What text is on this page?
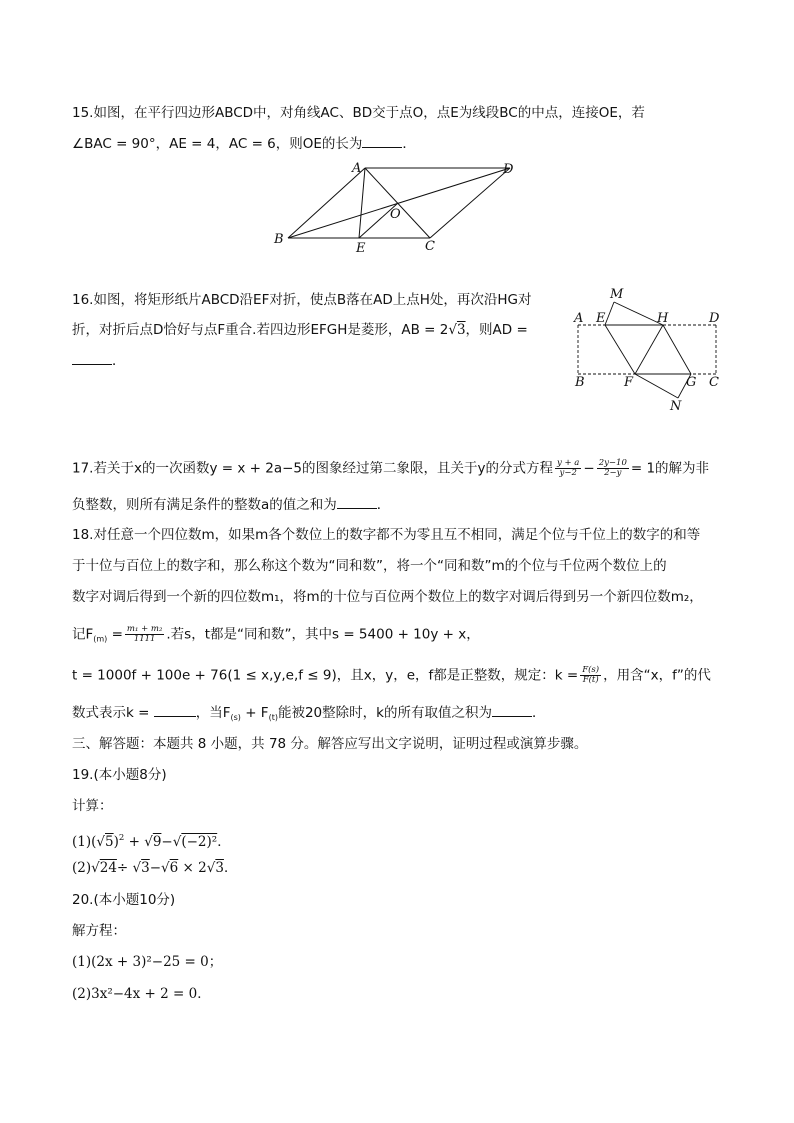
15.如图，在平行四边形ABCD中，对角线AC、BD交于点O，点E为线段BC的中点，连接OE，若
∠BAC = 90°，AE = 4，AC = 6，则OE的长为	．
A
B
E	C
D
O
16.如图，将矩形纸片ABCD沿EF对折，使点B落在AD上点H处，再次沿HG对
折，对折后点D恰好与点F重合.若四边形EFGH是菱形，AB = 2√3，则AD =
．
M
A E	H	D
B	F	G C
N
17.若关于x的一次函数y = x + 2a−5的图象经过第二象限，且关于y的分式方程 $\frac{y + a}{y-2} - \frac{2y-10}{2-y} = 1$的解为非
负整数，则所有满足条件的整数a的值之和为	．
18.对任意一个四位数m，如果m各个数位上的数字都不为零且互不相同，满足个位与千位上的数字的和等
于十位与百位上的数字和，那么称这个数为“同和数”，将一个“同和数”m的个位与千位两个数位上的
数字对调后得到一个新的四位数m₁，将m的十位与百位两个数位上的数字对调后得到另一个新四位数m₂，
记$F_{(m)} = \frac{\text{m₁ + m₂}}{1111}$ .若s，t都是“同和数”，其中s = 5400 + 10y + x，
t = 1000f + 100e + 76(1 ≤ x,y,e,f ≤ 9)，且x，y，e，f都是正整数，规定：$k = \frac{F(s)}{F(t)}$ ，用含“x，f”的代
数式表示k =	，当$F_{(s)} + F_{(t)}$能被20整除时，k的所有取值之积为	．
三、解答题：本题共 8 小题，共 78 分。解答应写出文字说明，证明过程或演算步骤。
19.(本小题8分)
计算：
$(1)(√5)^2 + √9-√(-2)^2$．
(2)√24÷ √3−√6 × 2√3．
20.(本小题10分)
解方程：
(1)(2x + 3)²−25 = 0；
(2)3x²−4x + 2 = 0．
